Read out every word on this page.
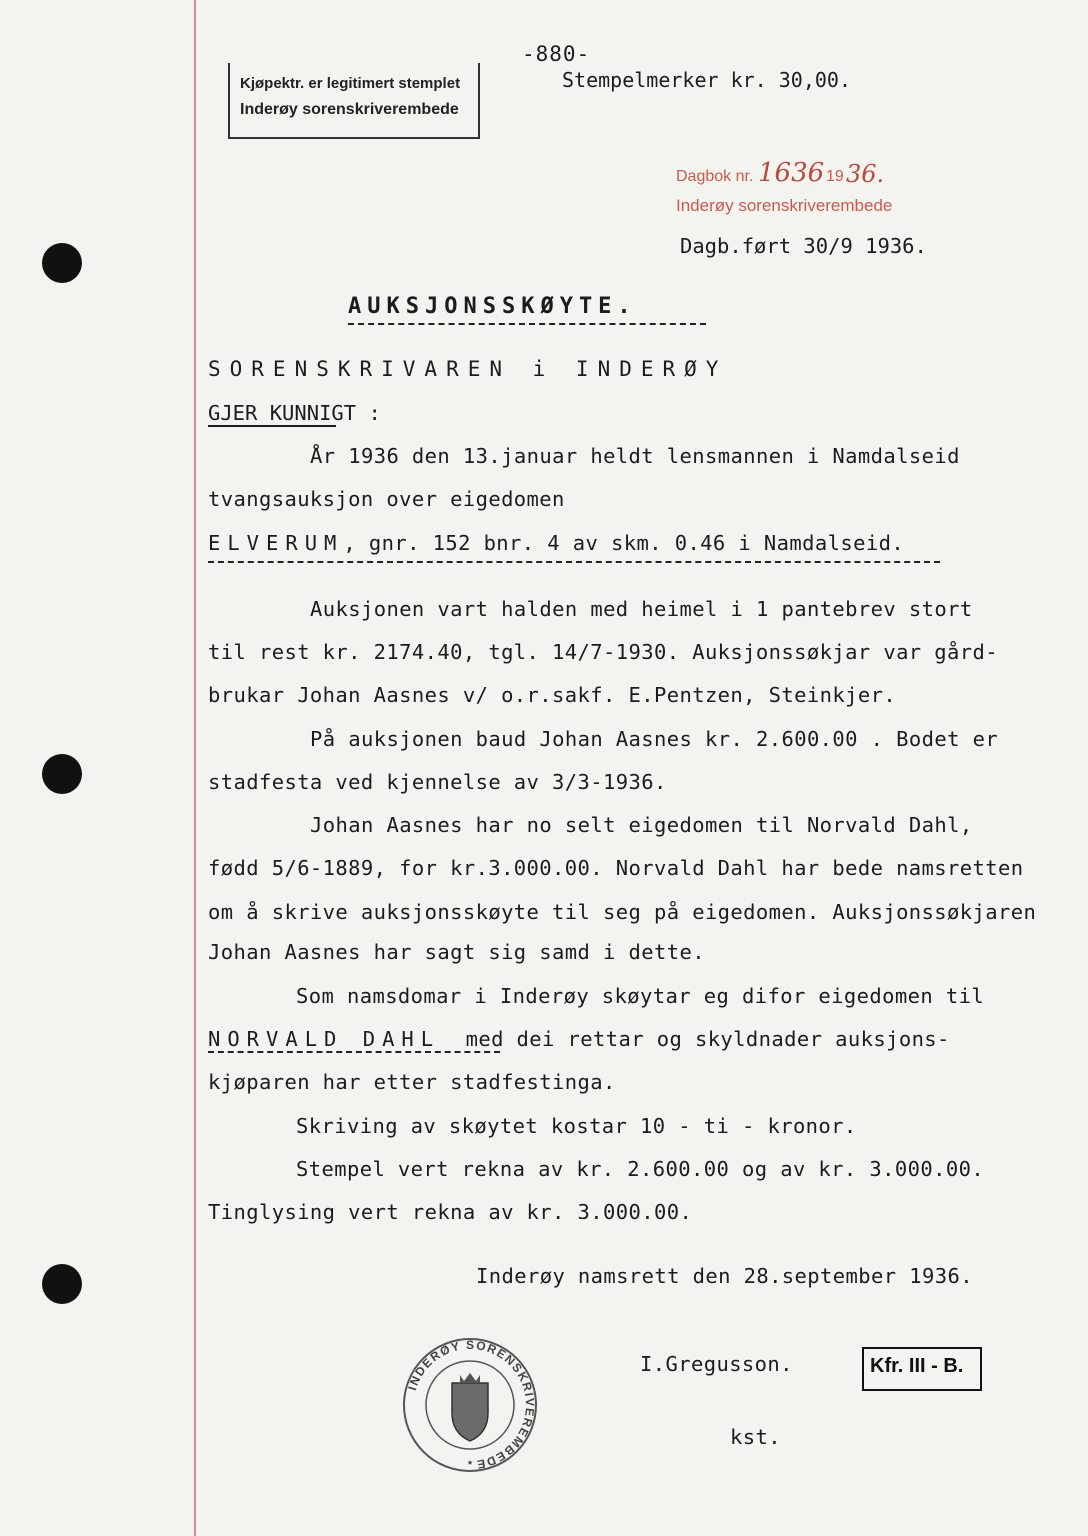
-880-
Stempelmerker kr. 30,00.
Kjøpektr. er legitimert stemplet
Inderøy sorenskriverembede
Dagbok nr. 1636 19 36.
Inderøy sorenskriverembede
Dagb.ført 30/9 1936.
AUKSJONSSKØYTE.
SORENSKRIVAREN i INDERØY
GJER KUNNIGT :
År 1936 den 13.januar heldt lensmannen i Namdalseid
tvangsauksjon over eigedomen
ELVERUM, gnr. 152 bnr. 4 av skm. 0.46 i Namdalseid.
Auksjonen vart halden med heimel i 1 pantebrev stort
til rest kr. 2174.40, tgl. 14/7-1930. Auksjonssøkjar var gård-
brukar Johan Aasnes v/ o.r.sakf. E.Pentzen, Steinkjer.
På auksjonen baud Johan Aasnes kr. 2.600.00 . Bodet er
stadfesta ved kjennelse av 3/3-1936.
Johan Aasnes har no selt eigedomen til Norvald Dahl,
fødd 5/6-1889, for kr.3.000.00. Norvald Dahl har bede namsretten
om å skrive auksjonsskøyte til seg på eigedomen. Auksjonssøkjaren
Johan Aasnes har sagt sig samd i dette.
Som namsdomar i Inderøy skøytar eg difor eigedomen til
NORVALD DAHL med dei rettar og skyldnader auksjons-
kjøparen har etter stadfestinga.
Skriving av skøytet kostar 10 - ti - kronor.
Stempel vert rekna av kr. 2.600.00 og av kr. 3.000.00.
Tinglysing vert rekna av kr. 3.000.00.
Inderøy namsrett den 28.september 1936.
I.Gregusson.
kst.
Kfr. III - B.
INDERØY SORENSKRIVEREMBEDE
★
